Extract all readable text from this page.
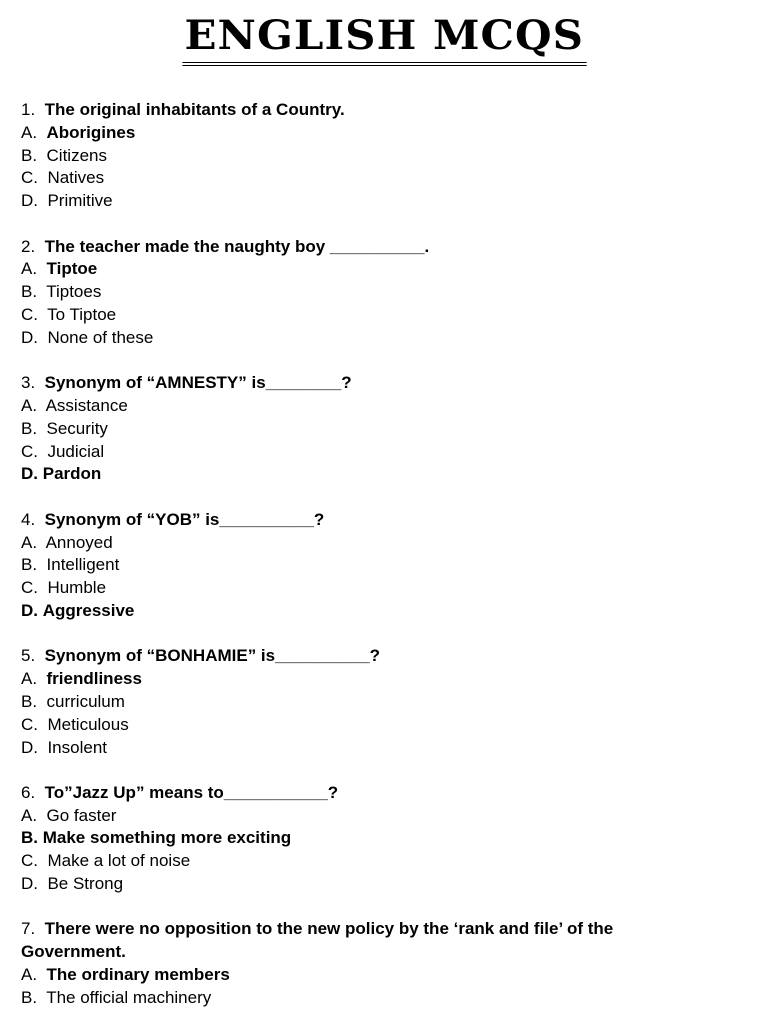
ENGLISH MCQS
1. The original inhabitants of a Country.
A. Aborigines
B. Citizens
C. Natives
D. Primitive
2. The teacher made the naughty boy __________.
A. Tiptoe
B. Tiptoes
C. To Tiptoe
D. None of these
3. Synonym of “AMNESTY” is________?
A. Assistance
B. Security
C. Judicial
D. Pardon
4. Synonym of “YOB” is__________?
A. Annoyed
B. Intelligent
C. Humble
D. Aggressive
5. Synonym of “BONHAMIE” is__________?
A. friendliness
B. curriculum
C. Meticulous
D. Insolent
6. To”Jazz Up” means to___________?
A. Go faster
B. Make something more exciting
C. Make a lot of noise
D. Be Strong
7. There were no opposition to the new policy by the ‘rank and file’ of the Government.
A. The ordinary members
B. The official machinery
